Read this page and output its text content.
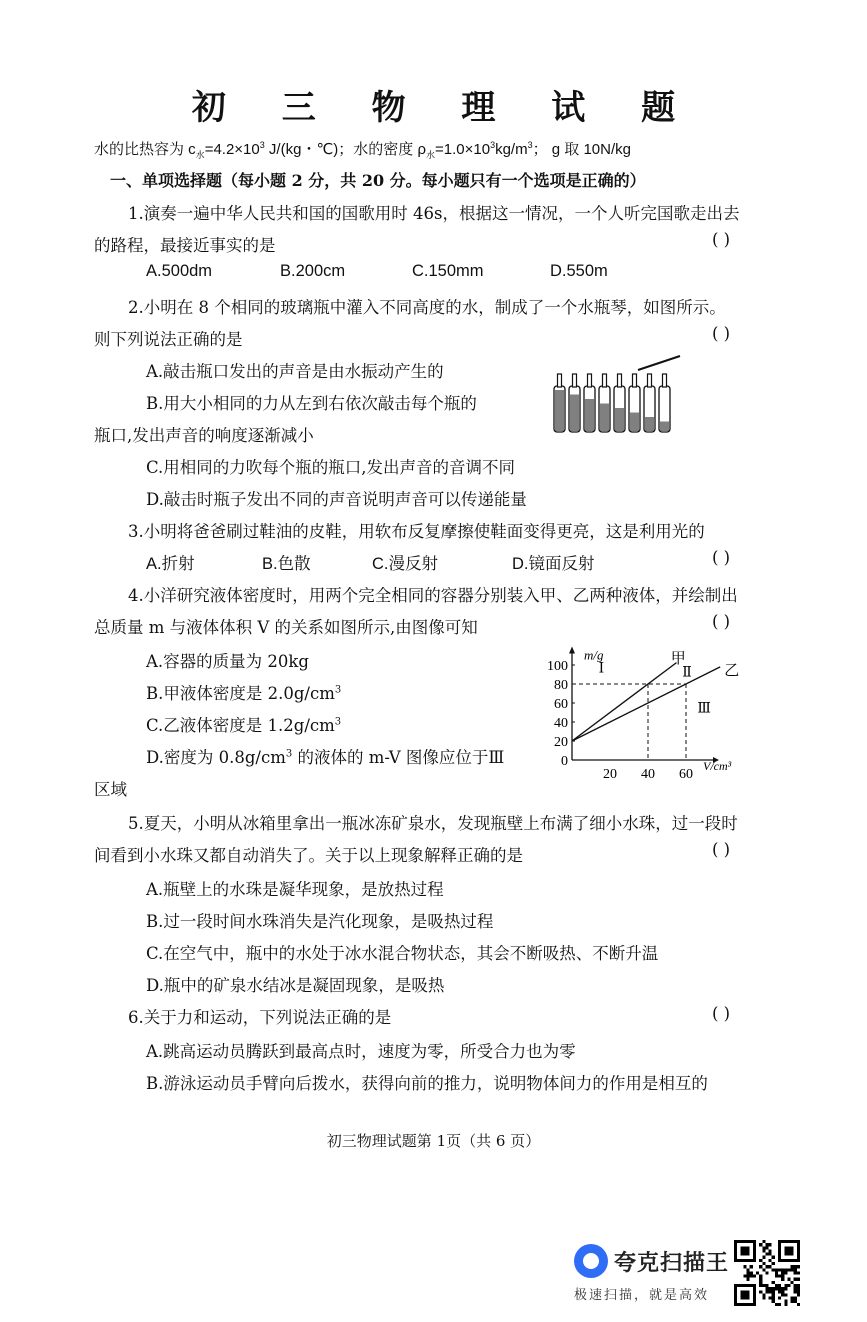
初 三 物 理 试 题
水的比热容为 $c_水=4.2\times 10^3$ J/(kg・℃)；水的密度 $\rho_水=1.0\times 10^3kg/m^3$； g 取 10N/kg
一、单项选择题（每小题 2 分，共 20 分。每小题只有一个选项是正确的）
1.演奏一遍中华人民共和国的国歌用时 46s，根据这一情况，一个人听完国歌走出去
的路程，最接近事实的是	( )
A.500dm	B.200cm	C.150mm	D.550m
2.小明在 8 个相同的玻璃瓶中灌入不同高度的水，制成了一个水瓶琴，如图所示。
则下列说法正确的是	( )
A.敲击瓶口发出的声音是由水振动产生的
B.用大小相同的力从左到右依次敲击每个瓶的
瓶口,发出声音的响度逐渐减小
C.用相同的力吹每个瓶的瓶口,发出声音的音调不同
D.敲击时瓶子发出不同的声音说明声音可以传递能量
3.小明将爸爸刷过鞋油的皮鞋，用软布反复摩擦使鞋面变得更亮，这是利用光的
A.折射	B.色散	C.漫反射	D.镜面反射	( )
4.小洋研究液体密度时，用两个完全相同的容器分别装入甲、乙两种液体，并绘制出
总质量 m 与液体体积 V 的关系如图所示,由图像可知	( )
A.容器的质量为 20kg
B.甲液体密度是 $2.0g/cm^3$
C.乙液体密度是 $1.2g/cm^3$
D.密度为 $0.8g/cm^3$ 的液体的 m-V 图像应位于Ⅲ
区域
0
20
40
60
80
100
20 40 60
m/g
V/cm³
甲
乙
Ⅰ	Ⅱ
Ⅲ
5.夏天，小明从冰箱里拿出一瓶冰冻矿泉水，发现瓶壁上布满了细小水珠，过一段时
间看到小水珠又都自动消失了。关于以上现象解释正确的是	( )
A.瓶壁上的水珠是凝华现象，是放热过程
B.过一段时间水珠消失是汽化现象，是吸热过程
C.在空气中，瓶中的水处于冰水混合物状态，其会不断吸热、不断升温
D.瓶中的矿泉水结冰是凝固现象，是吸热
6.关于力和运动，下列说法正确的是	( )
A.跳高运动员腾跃到最高点时，速度为零，所受合力也为零
B.游泳运动员手臂向后拨水，获得向前的推力，说明物体间力的作用是相互的
初三物理试题第 1页（共 6 页）
夸克扫描王
极速扫描，就是高效
